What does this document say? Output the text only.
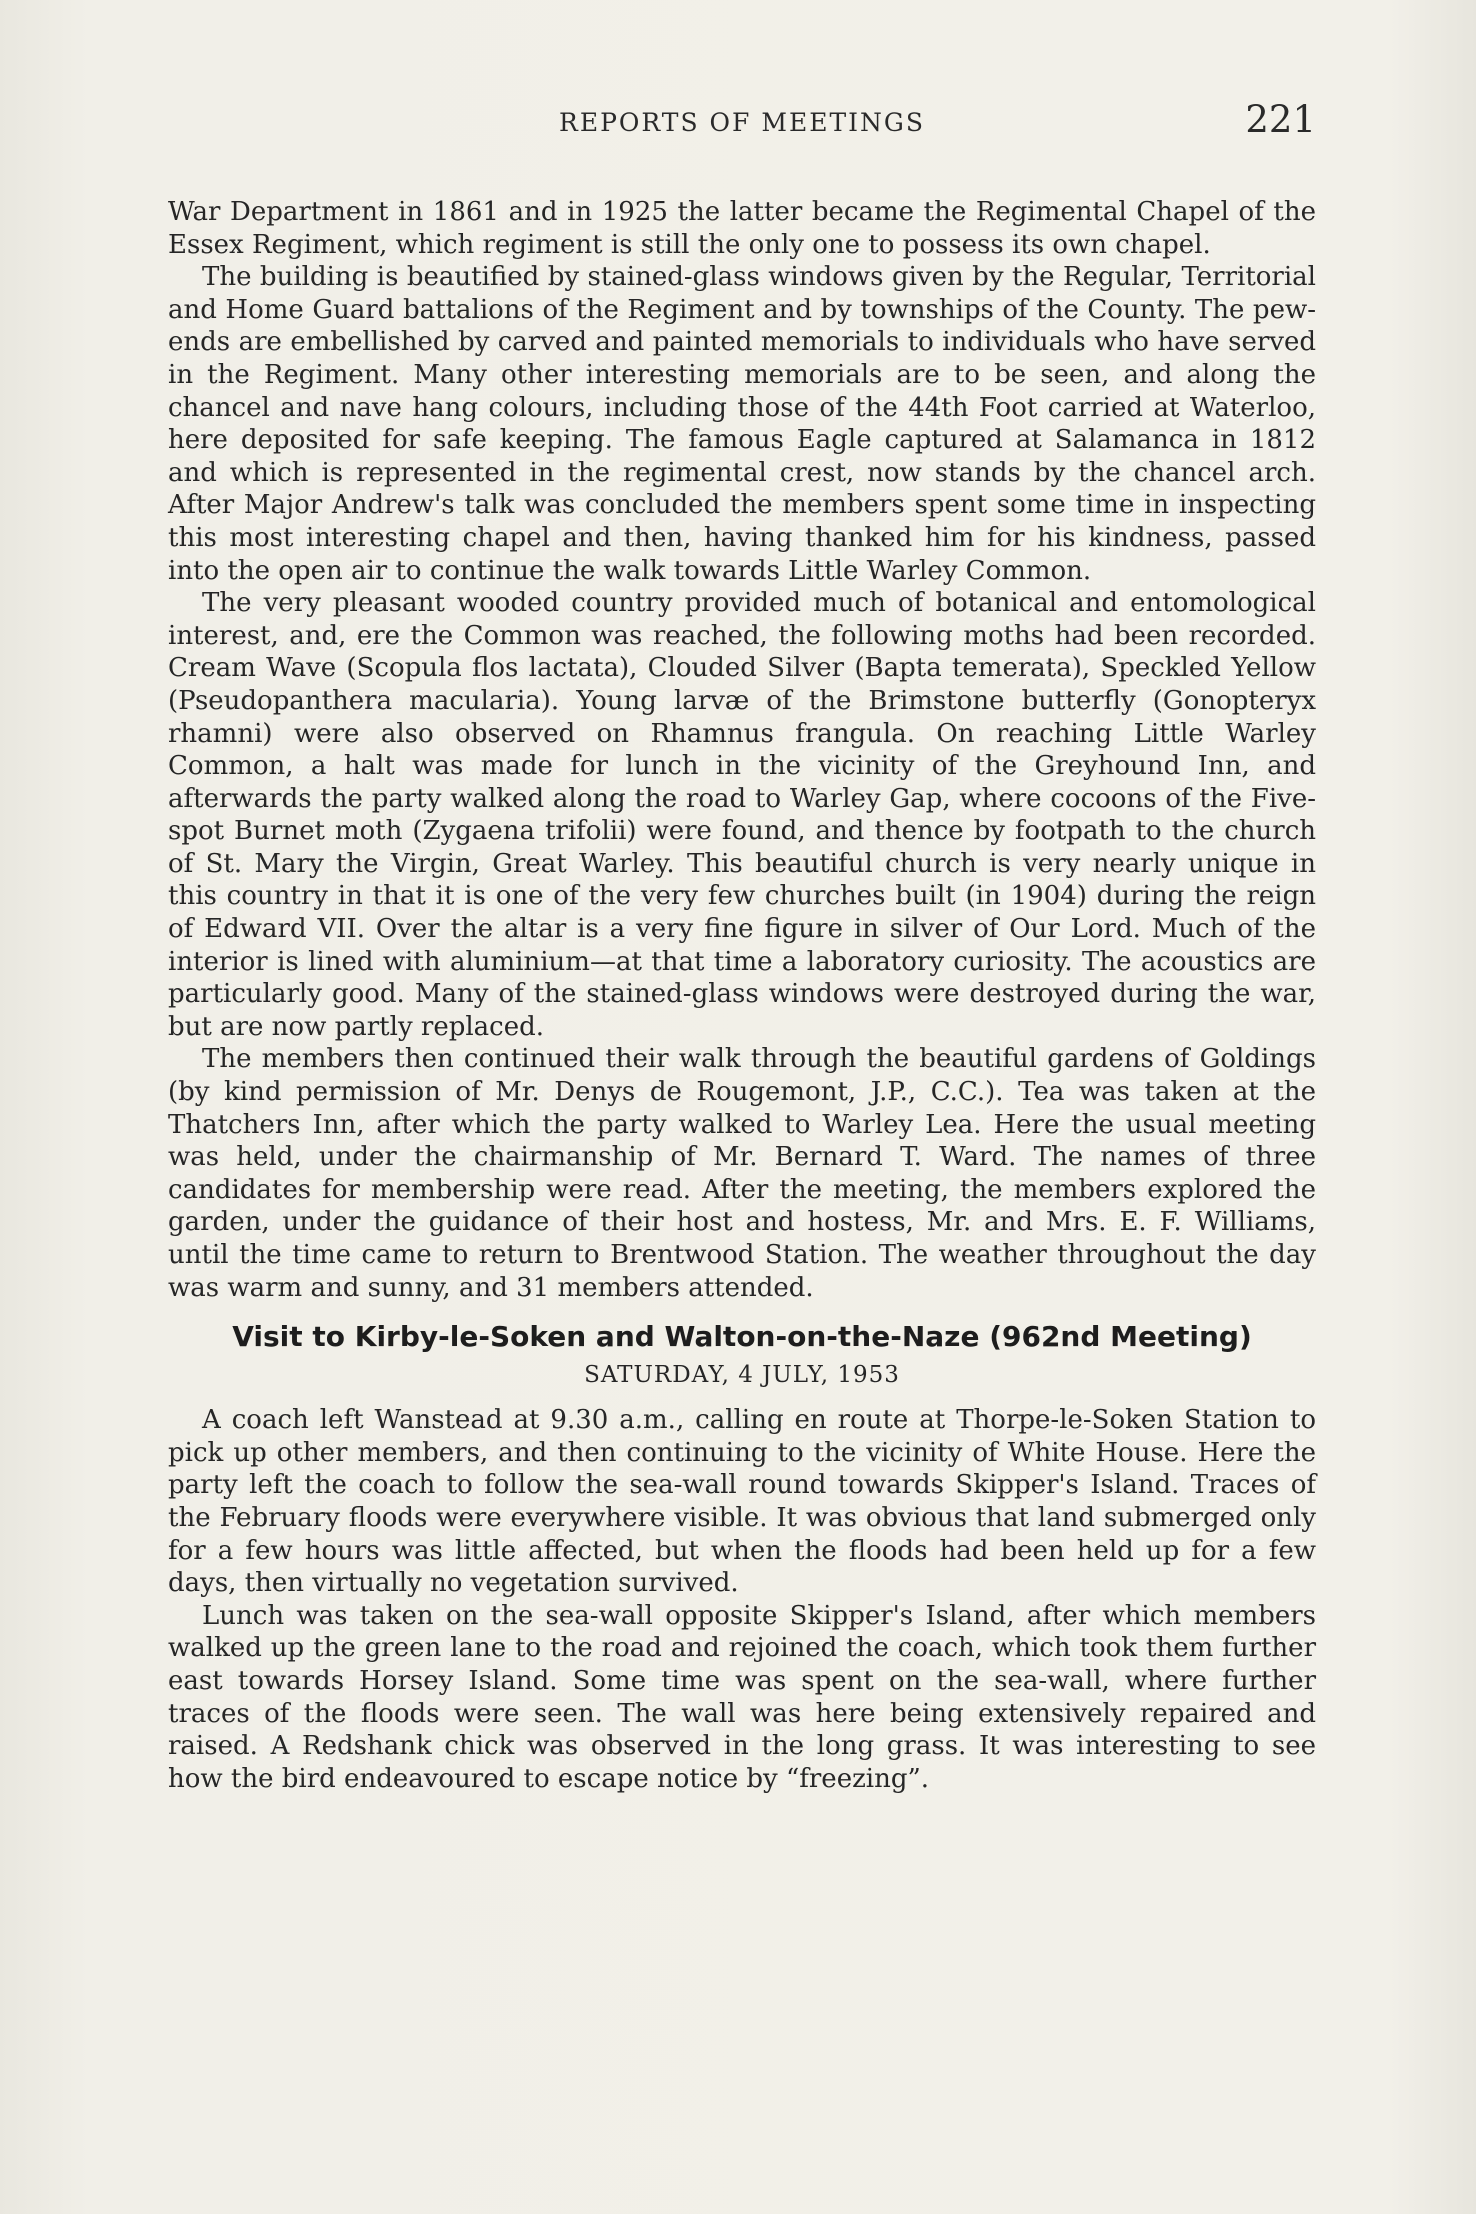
REPORTS OF MEETINGS	221

War Department in 1861 and in 1925 the latter became the Regimental Chapel of the Essex Regiment, which regiment is still the only one to possess its own chapel.

The building is beautified by stained-glass windows given by the Regular, Territorial and Home Guard battalions of the Regiment and by townships of the County. The pew-ends are embellished by carved and painted memorials to individuals who have served in the Regiment. Many other interesting memorials are to be seen, and along the chancel and nave hang colours, including those of the 44th Foot carried at Waterloo, here deposited for safe keeping. The famous Eagle captured at Salamanca in 1812 and which is represented in the regimental crest, now stands by the chancel arch. After Major Andrew's talk was concluded the members spent some time in inspecting this most interesting chapel and then, having thanked him for his kindness, passed into the open air to continue the walk towards Little Warley Common.

The very pleasant wooded country provided much of botanical and entomological interest, and, ere the Common was reached, the following moths had been recorded. Cream Wave (Scopula flos lactata), Clouded Silver (Bapta temerata), Speckled Yellow (Pseudopanthera macularia). Young larvæ of the Brimstone butterfly (Gonopteryx rhamni) were also observed on Rhamnus frangula. On reaching Little Warley Common, a halt was made for lunch in the vicinity of the Greyhound Inn, and afterwards the party walked along the road to Warley Gap, where cocoons of the Five-spot Burnet moth (Zygaena trifolii) were found, and thence by footpath to the church of St. Mary the Virgin, Great Warley. This beautiful church is very nearly unique in this country in that it is one of the very few churches built (in 1904) during the reign of Edward VII. Over the altar is a very fine figure in silver of Our Lord. Much of the interior is lined with aluminium—at that time a laboratory curiosity. The acoustics are particularly good. Many of the stained-glass windows were destroyed during the war, but are now partly replaced.

The members then continued their walk through the beautiful gardens of Goldings (by kind permission of Mr. Denys de Rougemont, J.P., C.C.). Tea was taken at the Thatchers Inn, after which the party walked to Warley Lea. Here the usual meeting was held, under the chairmanship of Mr. Bernard T. Ward. The names of three candidates for membership were read. After the meeting, the members explored the garden, under the guidance of their host and hostess, Mr. and Mrs. E. F. Williams, until the time came to return to Brentwood Station. The weather throughout the day was warm and sunny, and 31 members attended.

Visit to Kirby-le-Soken and Walton-on-the-Naze (962nd Meeting)
SATURDAY, 4 JULY, 1953

A coach left Wanstead at 9.30 a.m., calling en route at Thorpe-le-Soken Station to pick up other members, and then continuing to the vicinity of White House. Here the party left the coach to follow the sea-wall round towards Skipper's Island. Traces of the February floods were everywhere visible. It was obvious that land submerged only for a few hours was little affected, but when the floods had been held up for a few days, then virtually no vegetation survived.

Lunch was taken on the sea-wall opposite Skipper's Island, after which members walked up the green lane to the road and rejoined the coach, which took them further east towards Horsey Island. Some time was spent on the sea-wall, where further traces of the floods were seen. The wall was here being extensively repaired and raised. A Redshank chick was observed in the long grass. It was interesting to see how the bird endeavoured to escape notice by “freezing”.
